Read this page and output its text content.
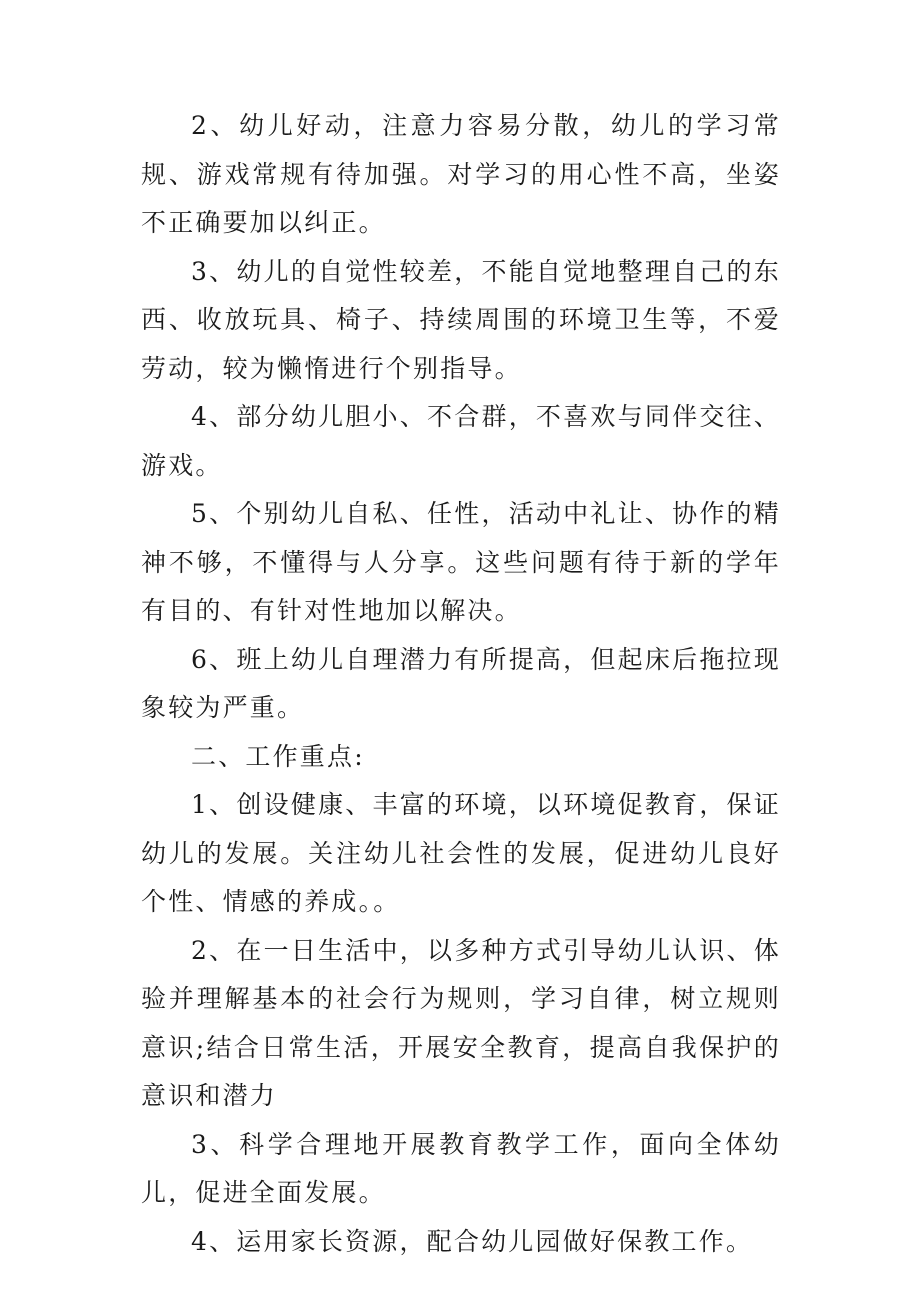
2、幼儿好动，注意力容易分散，幼儿的学习常规、游戏常规有待加强。对学习的用心性不高，坐姿不正确要加以纠正。

3、幼儿的自觉性较差，不能自觉地整理自己的东西、收放玩具、椅子、持续周围的环境卫生等，不爱劳动，较为懒惰进行个别指导。

4、部分幼儿胆小、不合群，不喜欢与同伴交往、游戏。

5、个别幼儿自私、任性，活动中礼让、协作的精神不够，不懂得与人分享。这些问题有待于新的学年有目的、有针对性地加以解决。

6、班上幼儿自理潜力有所提高，但起床后拖拉现象较为严重。

二、工作重点:

1、创设健康、丰富的环境，以环境促教育，保证幼儿的发展。关注幼儿社会性的发展，促进幼儿良好个性、情感的养成。。

2、在一日生活中，以多种方式引导幼儿认识、体验并理解基本的社会行为规则，学习自律，树立规则意识;结合日常生活，开展安全教育，提高自我保护的意识和潜力

3、科学合理地开展教育教学工作，面向全体幼儿，促进全面发展。

4、运用家长资源，配合幼儿园做好保教工作。
